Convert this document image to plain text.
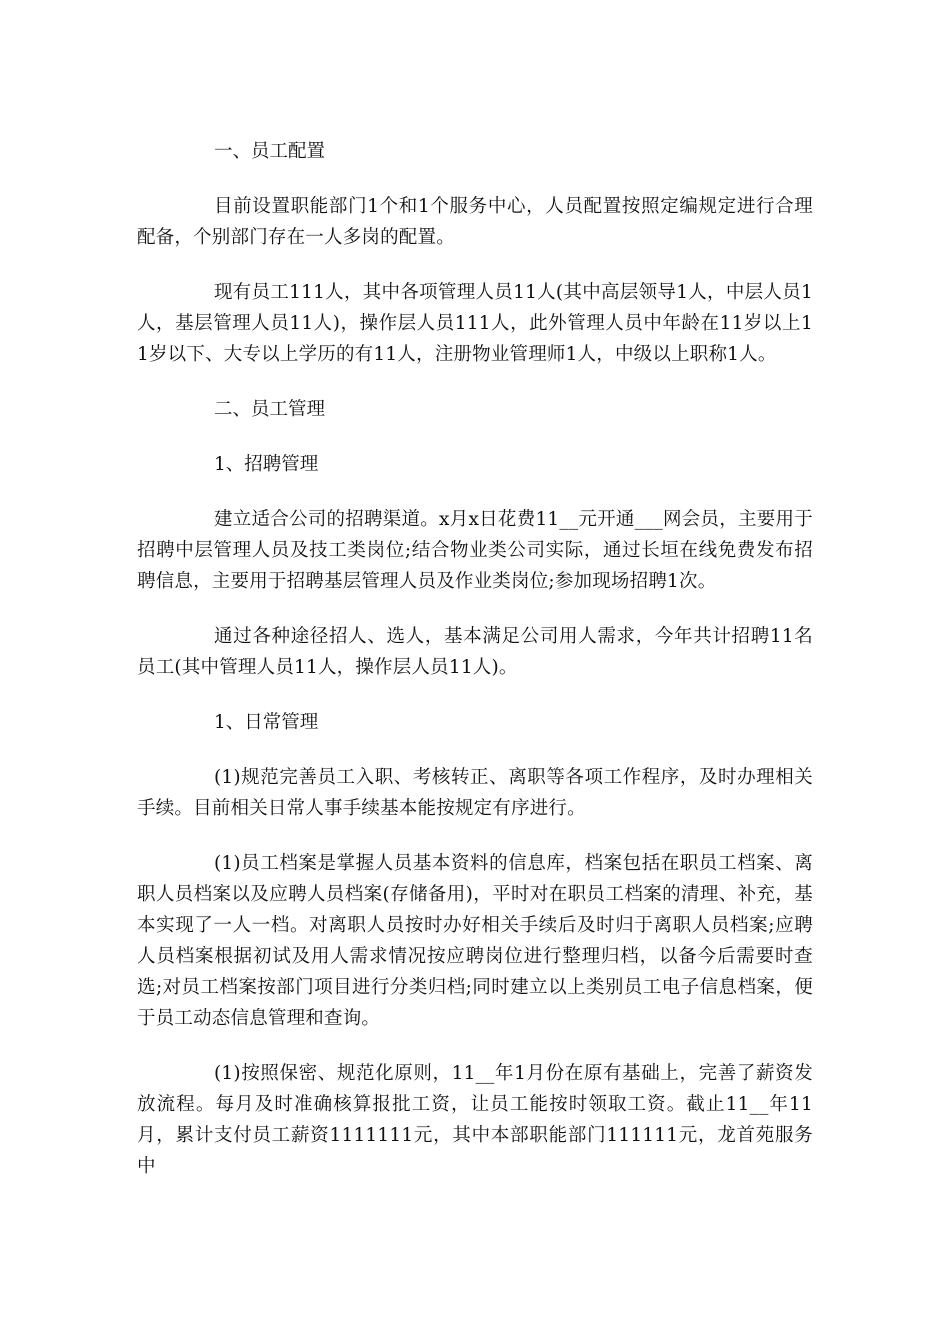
一、员工配置

目前设置职能部门1个和1个服务中心，人员配置按照定编规定进行合理配备，个别部门存在一人多岗的配置。

现有员工111人，其中各项管理人员11人(其中高层领导1人，中层人员1人，基层管理人员11人)，操作层人员111人，此外管理人员中年龄在11岁以上11岁以下、大专以上学历的有11人，注册物业管理师1人，中级以上职称1人。

二、员工管理

1、招聘管理

建立适合公司的招聘渠道。x月x日花费11__元开通___网会员，主要用于招聘中层管理人员及技工类岗位;结合物业类公司实际，通过长垣在线免费发布招聘信息，主要用于招聘基层管理人员及作业类岗位;参加现场招聘1次。

通过各种途径招人、选人，基本满足公司用人需求，今年共计招聘11名员工(其中管理人员11人，操作层人员11人)。

1、日常管理

(1)规范完善员工入职、考核转正、离职等各项工作程序，及时办理相关手续。目前相关日常人事手续基本能按规定有序进行。

(1)员工档案是掌握人员基本资料的信息库，档案包括在职员工档案、离职人员档案以及应聘人员档案(存储备用)，平时对在职员工档案的清理、补充，基本实现了一人一档。对离职人员按时办好相关手续后及时归于离职人员档案;应聘人员档案根据初试及用人需求情况按应聘岗位进行整理归档，以备今后需要时查选;对员工档案按部门项目进行分类归档;同时建立以上类别员工电子信息档案，便于员工动态信息管理和查询。

(1)按照保密、规范化原则，11__年1月份在原有基础上，完善了薪资发放流程。每月及时准确核算报批工资，让员工能按时领取工资。截止11__年11月，累计支付员工薪资1111111元，其中本部职能部门111111元，龙首苑服务中
